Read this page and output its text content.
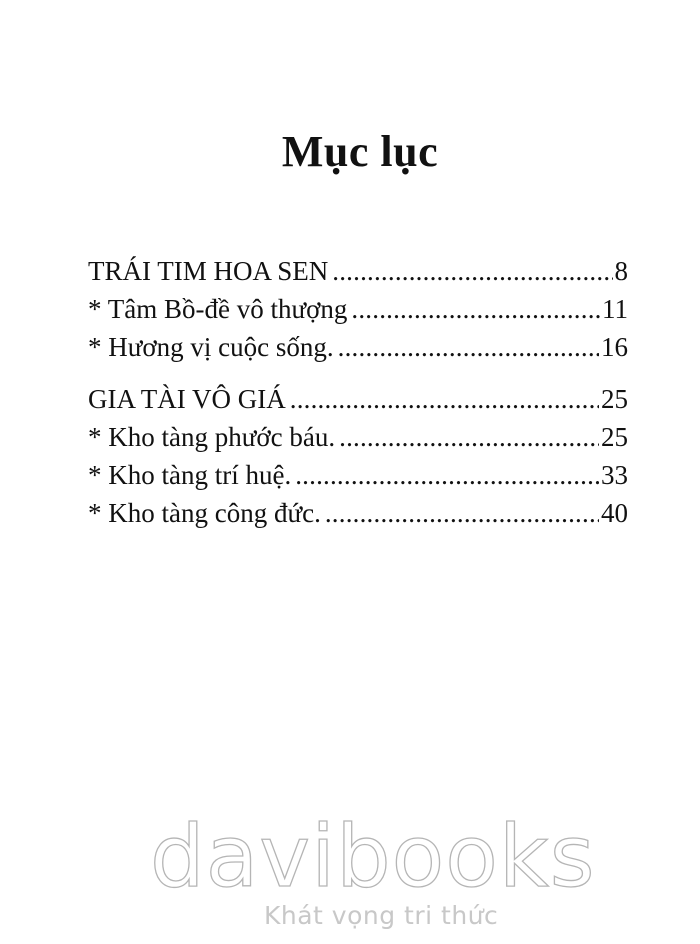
Mục lục
TRÁI TIM HOA SEN .....	8
* Tâm Bồ-đề vô thượng .....	11
* Hương vị cuộc sống. .....	16
GIA TÀI VÔ GIÁ .....	25
* Kho tàng phước báu. .....	25
* Kho tàng trí huệ. .....	33
* Kho tàng công đức. .....	40
davibooks
Khát vọng tri thức
